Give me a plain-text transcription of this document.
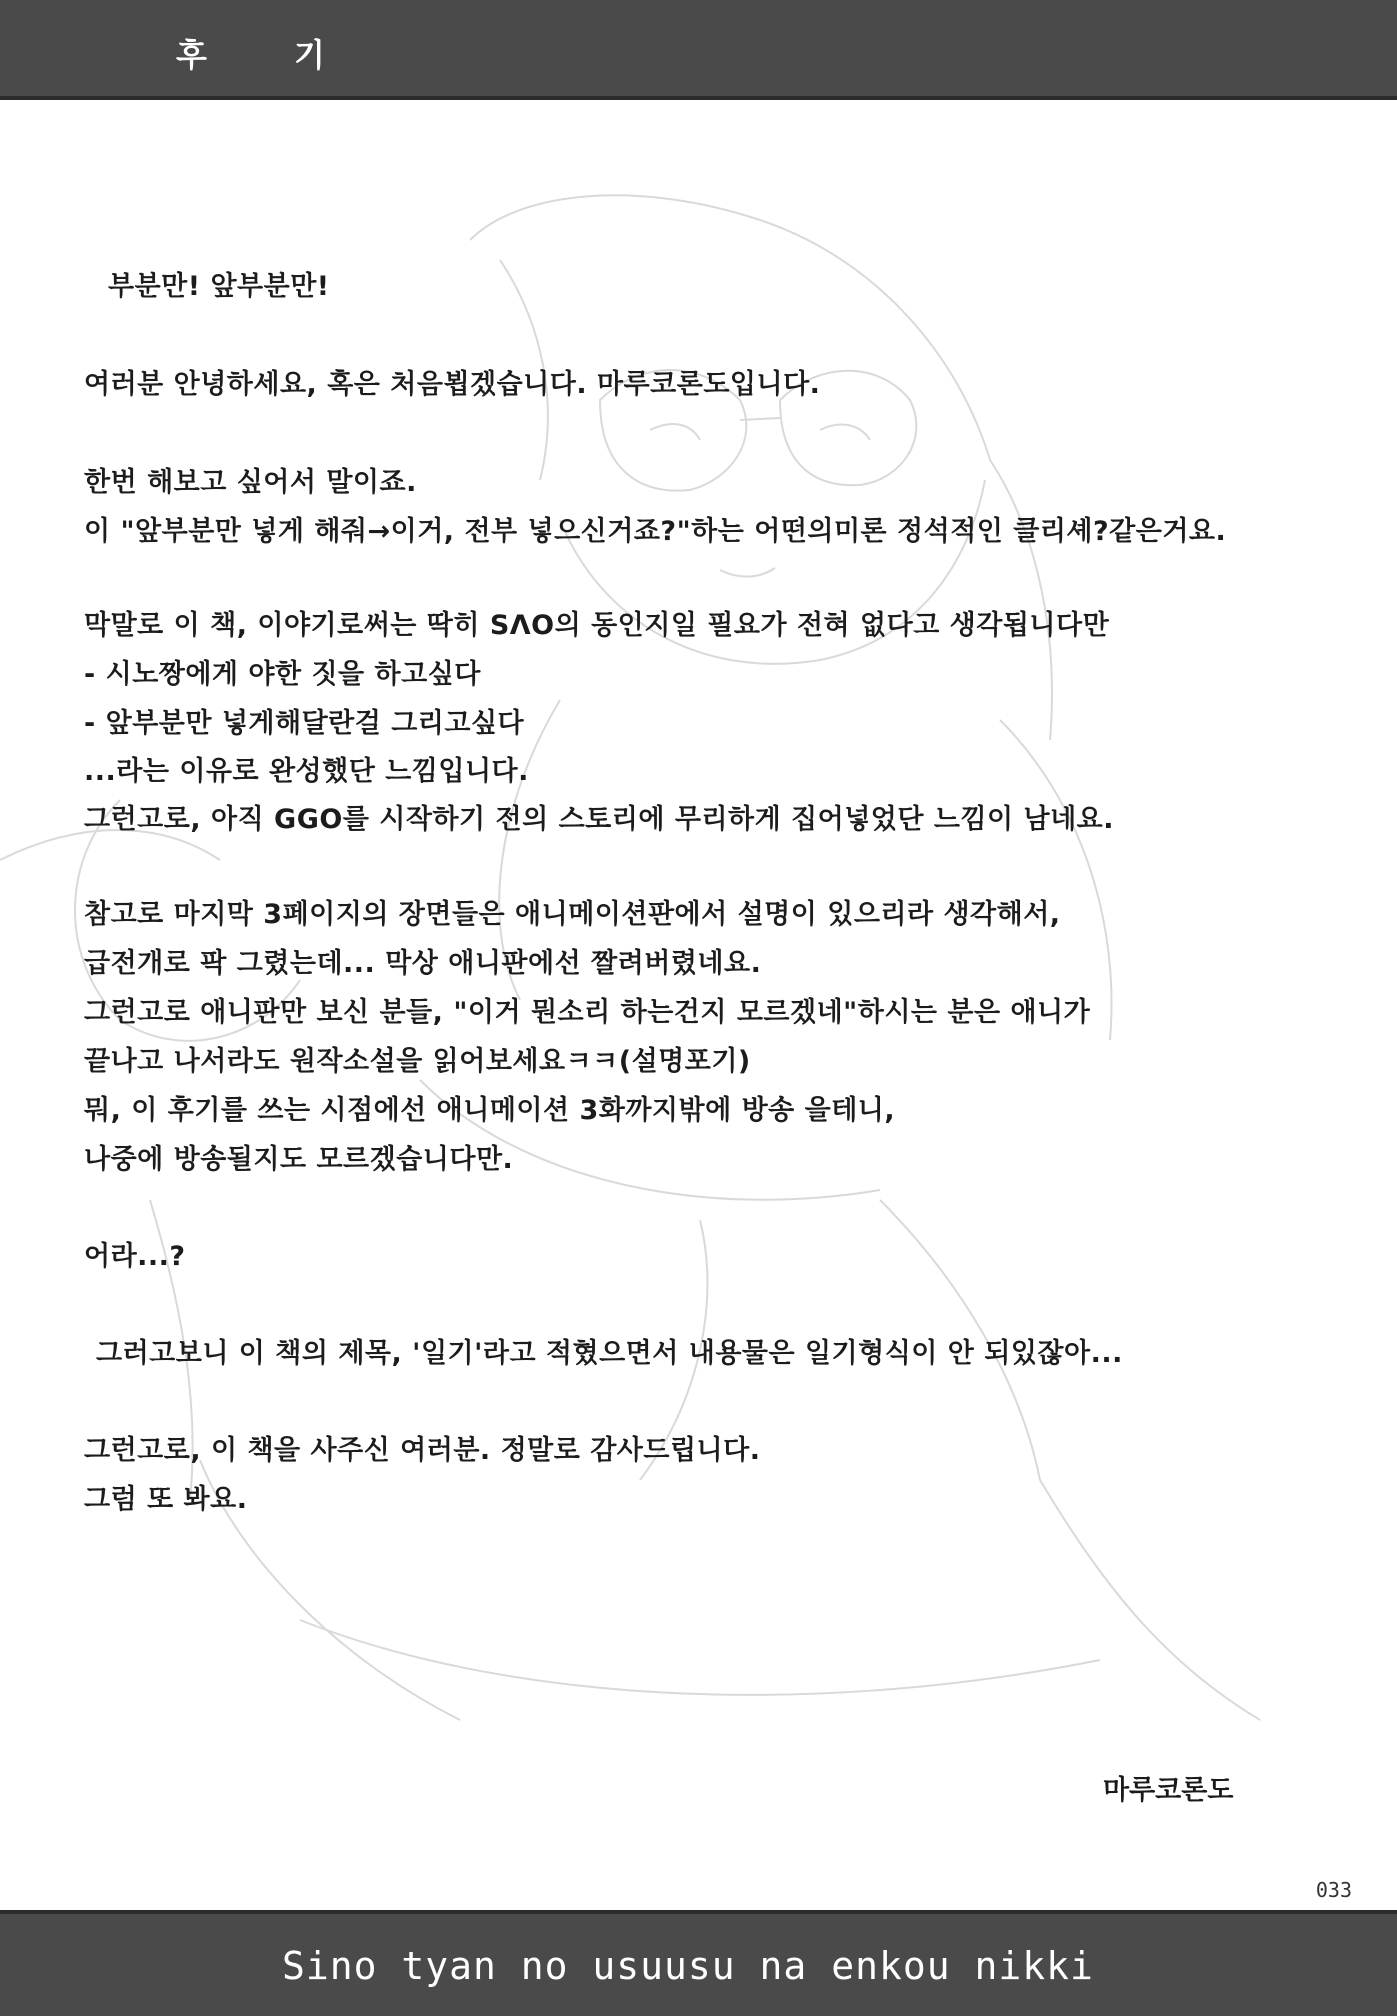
후 기
부분만! 앞부분만!
여러분 안녕하세요, 혹은 처음뵙겠습니다. 마루코론도입니다.
한번 해보고 싶어서 말이죠.
이 "앞부분만 넣게 해줘→이거, 전부 넣으신거죠?"하는 어떤의미론 정석적인 클리셰?같은거요.
막말로 이 책, 이야기로써는 딱히 SΛO의 동인지일 필요가 전혀 없다고 생각됩니다만
- 시노짱에게 야한 짓을 하고싶다
- 앞부분만 넣게해달란걸 그리고싶다
...라는 이유로 완성했단 느낌입니다.
그런고로, 아직 GGO를 시작하기 전의 스토리에 무리하게 집어넣었단 느낌이 남네요.
참고로 마지막 3페이지의 장면들은 애니메이션판에서 설명이 있으리라 생각해서,
급전개로 팍 그렸는데... 막상 애니판에선 짤려버렸네요.
그런고로 애니판만 보신 분들, "이거 뭔소리 하는건지 모르겠네"하시는 분은 애니가
끝나고 나서라도 원작소설을 읽어보세요ㅋㅋ(설명포기)
뭐, 이 후기를 쓰는 시점에선 애니메이션 3화까지밖에 방송 을테니,
나중에 방송될지도 모르겠습니다만.
어라...?
그러고보니 이 책의 제목, '일기'라고 적혔으면서 내용물은 일기형식이 안 되있잖아...
그런고로, 이 책을 사주신 여러분. 정말로 감사드립니다.
그럼 또 봐요.
마루코론도
033
Sino tyan no usuusu na enkou nikki
